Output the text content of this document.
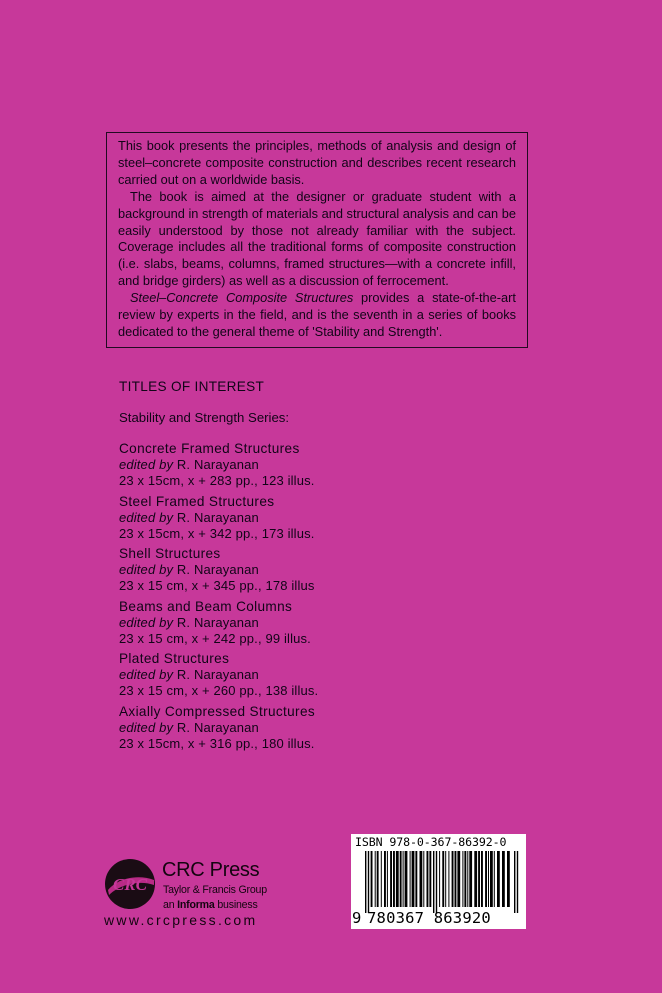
This book presents the principles, methods of analysis and design of steel–concrete composite construction and describes recent research carried out on a worldwide basis.

The book is aimed at the designer or graduate student with a background in strength of materials and structural analysis and can be easily understood by those not already familiar with the subject. Coverage includes all the traditional forms of composite construction (i.e. slabs, beams, columns, framed structures—with a concrete infill, and bridge girders) as well as a discussion of ferrocement.

Steel–Concrete Composite Structures provides a state-of-the-art review by experts in the field, and is the seventh in a series of books dedicated to the general theme of 'Stability and Strength'.

TITLES OF INTEREST
Stability and Strength Series:
Concrete Framed Structures
edited by R. Narayanan
23 x 15cm, x + 283 pp., 123 illus.
Steel Framed Structures
edited by R. Narayanan
23 x 15cm, x + 342 pp., 173 illus.
Shell Structures
edited by R. Narayanan
23 x 15 cm, x + 345 pp., 178 illus
Beams and Beam Columns
edited by R. Narayanan
23 x 15 cm, x + 242 pp., 99 illus.
Plated Structures
edited by R. Narayanan
23 x 15 cm, x + 260 pp., 138 illus.
Axially Compressed Structures
edited by R. Narayanan
23 x 15cm, x + 316 pp., 180 illus.
CRC
CRC Press
Taylor & Francis Group
an Informa business
www.crcpress.com
ISBN 978-0-367-86392-0
9 780367 863920
